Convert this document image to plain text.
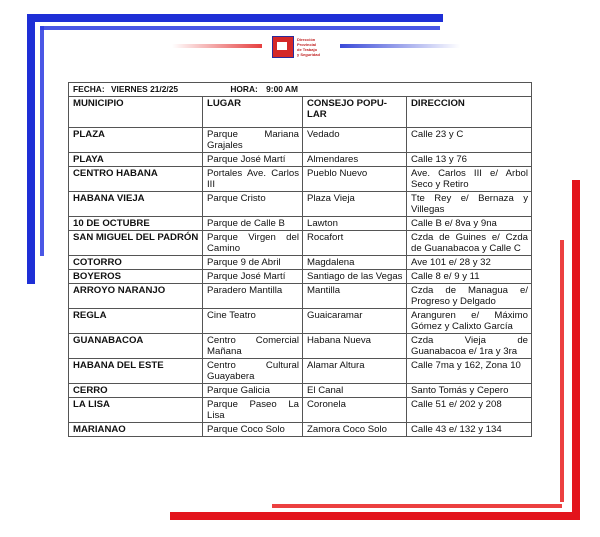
Dirección
Provincial
de Trabajo
y Seguridad
FECHA: VIERNES 21/2/25 HORA: 9:00 AM			
MUNICIPIO	LUGAR	CONSEJO POPU-LAR	DIRECCION
PLAZA	Parque Mariana Grajales	Vedado	Calle 23 y C
PLAYA	Parque José Martí	Almendares	Calle 13 y 76
CENTRO HABANA	Portales Ave. Carlos III	Pueblo Nuevo	Ave. Carlos III e/ Arbol Seco y Retiro
HABANA VIEJA	Parque Cristo	Plaza Vieja	Tte Rey e/ Bernaza y Villegas
10 DE OCTUBRE	Parque de Calle B	Lawton	Calle B e/ 8va y 9na
SAN MIGUEL DEL PADRÓN	Parque Virgen del Camino	Rocafort	Czda de Guines e/ Czda de Guanabacoa y Calle C
COTORRO	Parque 9 de Abril	Magdalena	Ave 101 e/ 28 y 32
BOYEROS	Parque José Martí	Santiago de las Vegas	Calle 8 e/ 9 y 11
ARROYO NARANJO	Paradero Mantilla	Mantilla	Czda de Managua e/ Progreso y Delgado
REGLA	Cine Teatro	Guaicaramar	Aranguren e/ Máximo Gómez y Calixto García
GUANABACOA	Centro Comercial Mañana	Habana Nueva	Czda Vieja de Guanabacoa e/ 1ra y 3ra
HABANA DEL ESTE	Centro Cultural Guayabera	Alamar Altura	Calle 7ma y 162, Zona 10
CERRO	Parque Galicia	El Canal	Santo Tomás y Cepero
LA LISA	Parque Paseo La Lisa	Coronela	Calle 51 e/ 202 y 208
MARIANAO	Parque Coco Solo	Zamora Coco Solo	Calle 43 e/ 132 y 134
